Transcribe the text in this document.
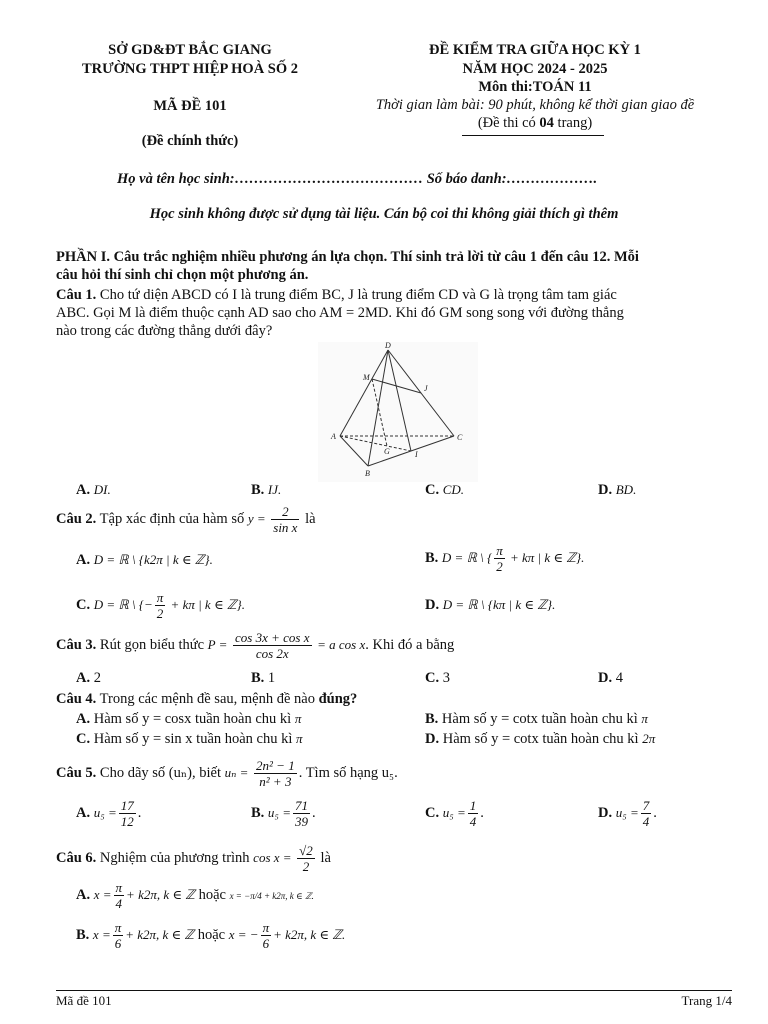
SỞ GD&ĐT BẮC GIANG
TRƯỜNG THPT HIỆP HOÀ SỐ 2
MÃ ĐỀ 101
(Đề chính thức)
ĐỀ KIỂM TRA GIỮA HỌC KỲ 1
NĂM HỌC 2024 - 2025
Môn thi:TOÁN 11
Thời gian làm bài: 90 phút, không kể thời gian giao đề
(Đề thi có 04 trang)
Họ và tên học sinh:………………………………… Số báo danh:……………….
Học sinh không được sử dụng tài liệu. Cán bộ coi thi không giải thích gì thêm
PHẦN I. Câu trắc nghiệm nhiều phương án lựa chọn. Thí sinh trả lời từ câu 1 đến câu 12. Mỗi
câu hỏi thí sinh chỉ chọn một phương án.
Câu 1. Cho tứ diện ABCD có I là trung điểm BC, J là trung điểm CD và G là trọng tâm tam giác
ABC. Gọi M là điểm thuộc cạnh AD sao cho AM = 2MD. Khi đó GM song song với đường thẳng
nào trong các đường thẳng dưới đây?
D
M
J
A	C
G	I
B
A. DI.	B. IJ.	C. CD.	D. BD.
Câu 2. Tập xác định của hàm số $y = \frac{2}{\text{sin x}}$ là
A. D = ℝ \ {k2π | k ∈ ℤ}.	B. D = ℝ \ { $\frac{\pi}{2} + k\pi$ | k ∈ ℤ}.
C. D = ℝ \ {− $\frac{\pi}{2} + k\pi$ | k ∈ ℤ}.	D. D = ℝ \ {kπ | k ∈ ℤ}.
Câu 3. Rút gọn biểu thức $P = \frac{\text{cos 3x + cos x}}{\cos 2x} = a$ cos x. Khi đó a bằng
A. 2	B. 1	C. 3	D. 4
Câu 4. Trong các mệnh đề sau, mệnh đề nào đúng?
A. Hàm số y = cosx tuần hoàn chu kì π	B. Hàm số y = cotx tuần hoàn chu kì π
C. Hàm số y = sin x tuần hoàn chu kì π	D. Hàm số y = cotx tuần hoàn chu kì 2π
Câu 5. Cho dãy số (uₙ), biết $u_n = \frac{\text{2n² − 1}}{\text{n² + 3}}$ . Tìm số hạng u₅.
A. $u_5 = \frac{17}{12}$ .	B. $u_5 = \frac{71}{39}$ .	C. $u_5 = \frac{1}{4}$ .	D. $u_5 = \frac{7}{4}$ .
Câu 6. Nghiệm của phương trình $\cos x = \frac{√2}{2}$ là
A. $x = \frac{\pi}{4} + k2\pi$, k ∈ ℤ hoặc x = −π/4 + k2π, k ∈ ℤ.
B. $x = \frac{\pi}{6} + k2\pi$, k ∈ ℤ hoặc x = − $\frac{\pi}{6} + k2\pi$, k ∈ ℤ.
Mã đề 101	Trang 1/4
